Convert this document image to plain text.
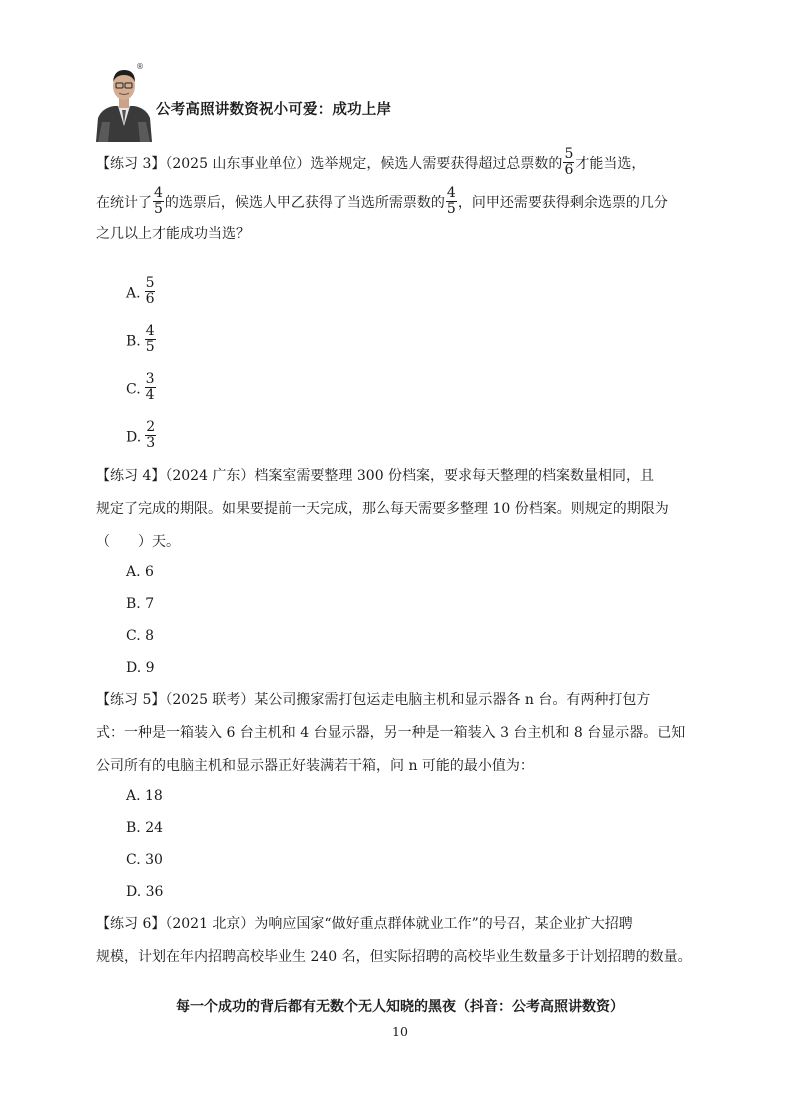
®
公考高照讲数资祝小可爱：成功上岸
【练习 3】（2025 山东事业单位）选举规定，候选人需要获得超过总票数的 $\frac{5}{6}$ 才能当选，
在统计了 $\frac{4}{5}$ 的选票后，候选人甲乙获得了当选所需票数的 $\frac{4}{5}$ ，问甲还需要获得剩余选票的几分
之几以上才能成功当选？
A. $\frac{5}{6}$
B. $\frac{4}{5}$
C. $\frac{3}{4}$
D. $\frac{2}{3}$
【练习 4】（2024 广东）档案室需要整理 300 份档案，要求每天整理的档案数量相同，且
规定了完成的期限。如果要提前一天完成，那么每天需要多整理 10 份档案。则规定的期限为
（　　）天。
A. 6
B. 7
C. 8
D. 9
【练习 5】（2025 联考）某公司搬家需打包运走电脑主机和显示器各 n 台。有两种打包方
式：一种是一箱装入 6 台主机和 4 台显示器，另一种是一箱装入 3 台主机和 8 台显示器。已知
公司所有的电脑主机和显示器正好装满若干箱，问 n 可能的最小值为：
A. 18
B. 24
C. 30
D. 36
【练习 6】（2021 北京）为响应国家“做好重点群体就业工作”的号召，某企业扩大招聘
规模，计划在年内招聘高校毕业生 240 名，但实际招聘的高校毕业生数量多于计划招聘的数量。
每一个成功的背后都有无数个无人知晓的黑夜（抖音：公考高照讲数资）
10
